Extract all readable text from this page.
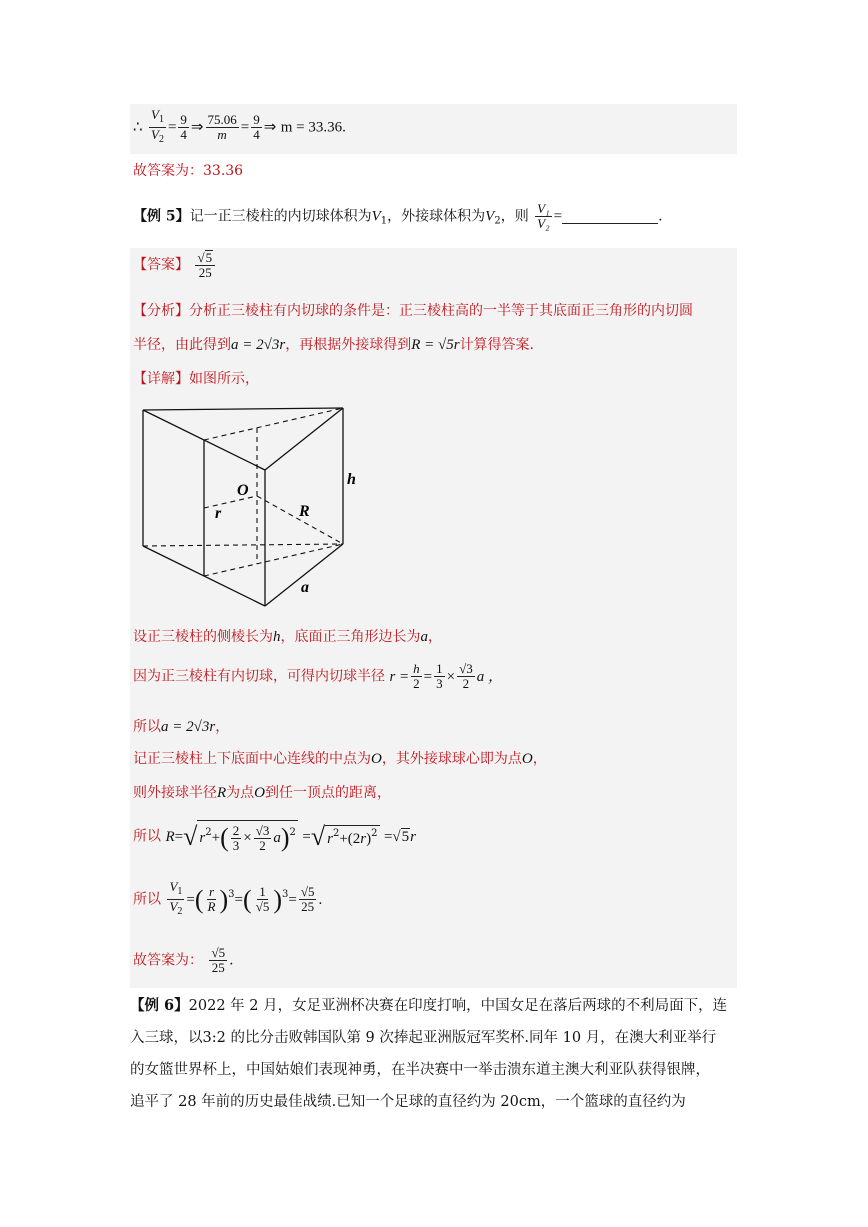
∴ $\frac{V_1}{V_2} = \frac{9}{4}$ ⇒ $\frac{75.06}{m} = \frac{9}{4}$ ⇒ m = 33.36.
故答案为：33.36
【例 5】记一正三棱柱的内切球体积为$V_1$，外接球体积为$V_2$，则 $\frac{\text{V₁}}{\text{V₂}}$ =	.
【答案】 $\frac{√ 5}{25}$
【分析】分析正三棱柱有内切球的条件是：正三棱柱高的一半等于其底面正三角形的内切圆
半径，由此得到a = 2√3r，再根据外接球得到R = √5r计算得答案.
【详解】如图所示，
O
h
r	R
a
设正三棱柱的侧棱长为h，底面正三角形边长为a，
因为正三棱柱有内切球，可得内切球半径 $r = \frac{h}{2} = \frac{1}{3} \times \frac{√3}{2}$ a ，
所以a = 2√3r，
记正三棱柱上下底面中心连线的中点为O，其外接球球心即为点O，
则外接球半径R为点O到任一顶点的距离，
所以 R=√ $r^2+( \frac{2}{3} \times \frac{√3}{2} a)^2$ =√ $r^2+(2r)^2$ =√ 5 r
所以 $\frac{V_1}{V_2}$ =( $\frac{r}{R} )^3=( \frac{1}{√5} )^3= \frac{√5}{25}$ .
故答案为： $\frac{√5}{25}$ .
【例 6】2022 年 2 月，女足亚洲杯决赛在印度打响，中国女足在落后两球的不利局面下，连
入三球，以3:2 的比分击败韩国队第 9 次捧起亚洲版冠军奖杯.同年 10 月，在澳大利亚举行
的女篮世界杯上，中国姑娘们表现神勇，在半决赛中一举击溃东道主澳大利亚队获得银牌，
追平了 28 年前的历史最佳战绩.已知一个足球的直径约为 20cm，一个篮球的直径约为
